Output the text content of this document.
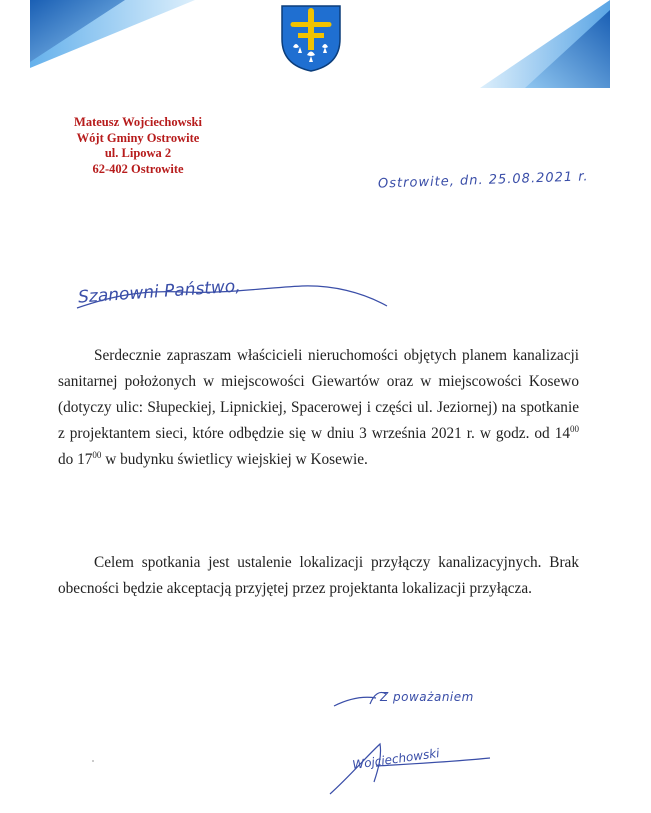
Mateusz Wojciechowski
Wójt Gminy Ostrowite
ul. Lipowa 2
62-402 Ostrowite
Ostrowite, dn. 25.08.2021 r.
Szanowni Państwo,

Serdecznie zapraszam właścicieli nieruchomości objętych planem kanalizacji sanitarnej położonych w miejscowości Giewartów oraz w miejscowości Kosewo (dotyczy ulic: Słupeckiej, Lipnickiej, Spacerowej i części ul. Jeziornej) na spotkanie z projektantem sieci, które odbędzie się w dniu 3 września 2021 r. w godz. od $14^{00}$ do $17^{00}$ w budynku świetlicy wiejskiej w Kosewie.

Celem spotkania jest ustalenie lokalizacji przyłączy kanalizacyjnych. Brak obecności będzie akceptacją przyjętej przez projektanta lokalizacji przyłącza.

Z poważaniem
Wojciechowski
